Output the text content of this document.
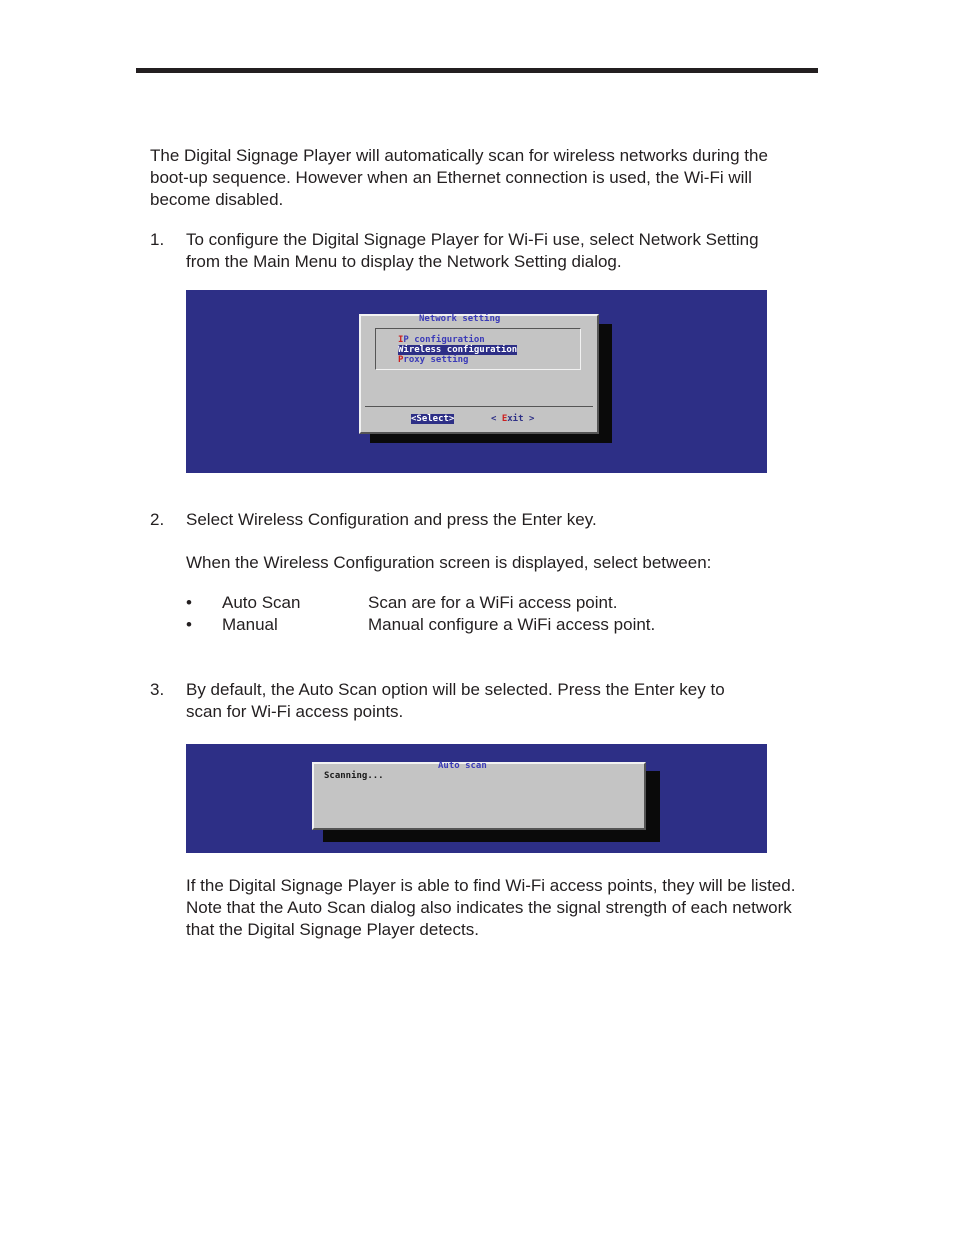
The Digital Signage Player will automatically scan for wireless networks during the boot-up sequence. However when an Ethernet connection is used, the Wi-Fi will become disabled.

1. To configure the Digital Signage Player for Wi-Fi use, select Network Setting

from the Main Menu to display the Network Setting dialog.

Network setting
IP configuration
Wireless configuration
Proxy setting
<Select>	< Exit >
2. Select Wireless Configuration and press the Enter key.

When the Wireless Configuration screen is displayed, select between:

• Auto Scan	Scan are for a WiFi access point.
• Manual	Manual configure a WiFi access point.
3. By default, the Auto Scan option will be selected. Press the Enter key to

scan for Wi-Fi access points.

Auto scan
Scanning...

If the Digital Signage Player is able to find Wi-Fi access points, they will be listed. Note that the Auto Scan dialog also indicates the signal strength of each network that the Digital Signage Player detects.
